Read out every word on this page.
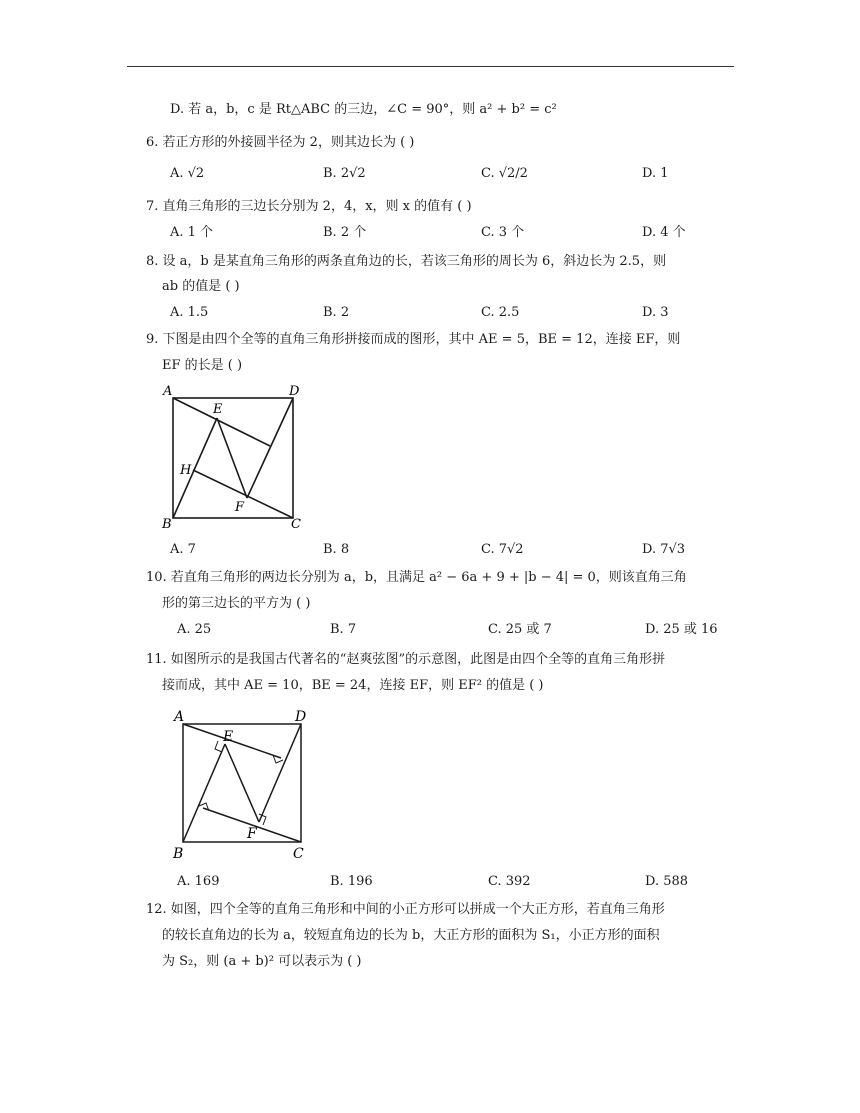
D. 若 a，b，c 是 Rt△ABC 的三边，∠C = 90°，则 a² + b² = c²
6. 若正方形的外接圆半径为 2，则其边长为 ( )
A. √2	B. 2√2	C. √2/2	D. 1
7. 直角三角形的三边长分别为 2，4，x，则 x 的值有 ( )
A. 1 个	B. 2 个	C. 3 个	D. 4 个
8. 设 a，b 是某直角三角形的两条直角边的长，若该三角形的周长为 6，斜边长为 2.5，则
ab 的值是 ( )
A. 1.5	B. 2	C. 2.5	D. 3
9. 下图是由四个全等的直角三角形拼接而成的图形，其中 AE = 5，BE = 12，连接 EF，则
EF 的长是 ( )
A	D
E
H
F
B	C
A. 7	B. 8	C. 7√2	D. 7√3
10. 若直角三角形的两边长分别为 a，b，且满足 a² − 6a + 9 + |b − 4| = 0，则该直角三角
形的第三边长的平方为 ( )
A. 25	B. 7	C. 25 或 7	D. 25 或 16
11. 如图所示的是我国古代著名的“赵爽弦图”的示意图，此图是由四个全等的直角三角形拼
接而成，其中 AE = 10，BE = 24，连接 EF，则 EF² 的值是 ( )
A	D
E
F
B	C
A. 169	B. 196	C. 392	D. 588
12. 如图，四个全等的直角三角形和中间的小正方形可以拼成一个大正方形，若直角三角形
的较长直角边的长为 a，较短直角边的长为 b，大正方形的面积为 S₁，小正方形的面积
为 S₂，则 (a + b)² 可以表示为 ( )
